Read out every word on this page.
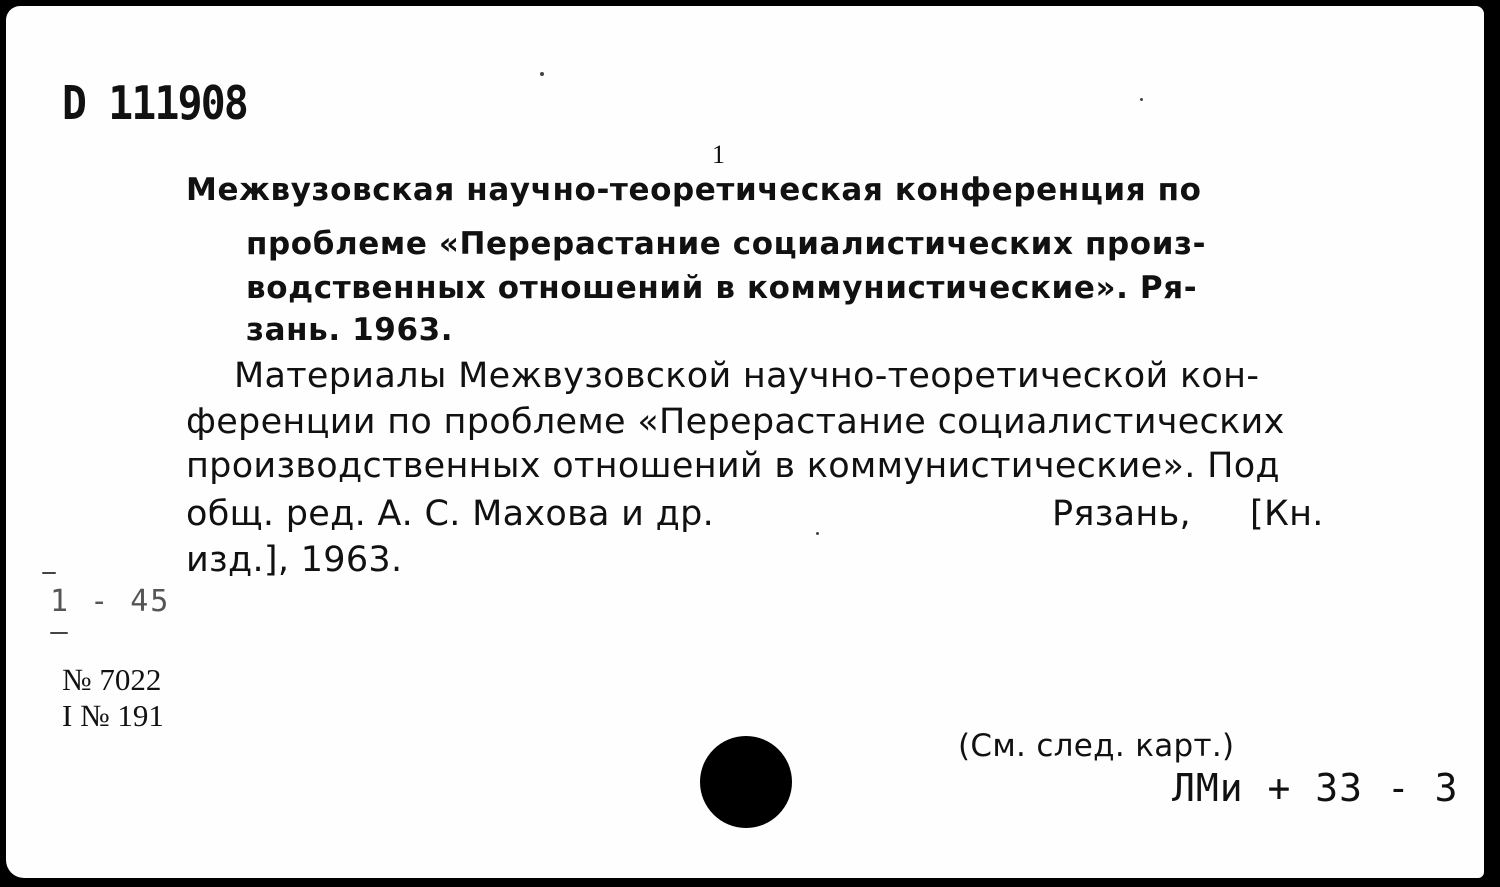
D 111908
1
Межвузовская научно-теоретическая конференция по
проблеме «Перерастание социалистических произ-
водственных отношений в коммунистические». Ря-
зань. 1963.
Материалы Межвузовской научно-теоретической кон-
ференции по проблеме «Перерастание социалистических
производственных отношений в коммунистические». Под
общ. ред. А. С. Махова и др.	Рязань, [Кн.
изд.], 1963.
1 - 45
№ 7022
I № 191
(См. след. карт.)
ЛМи + 33 - 3
